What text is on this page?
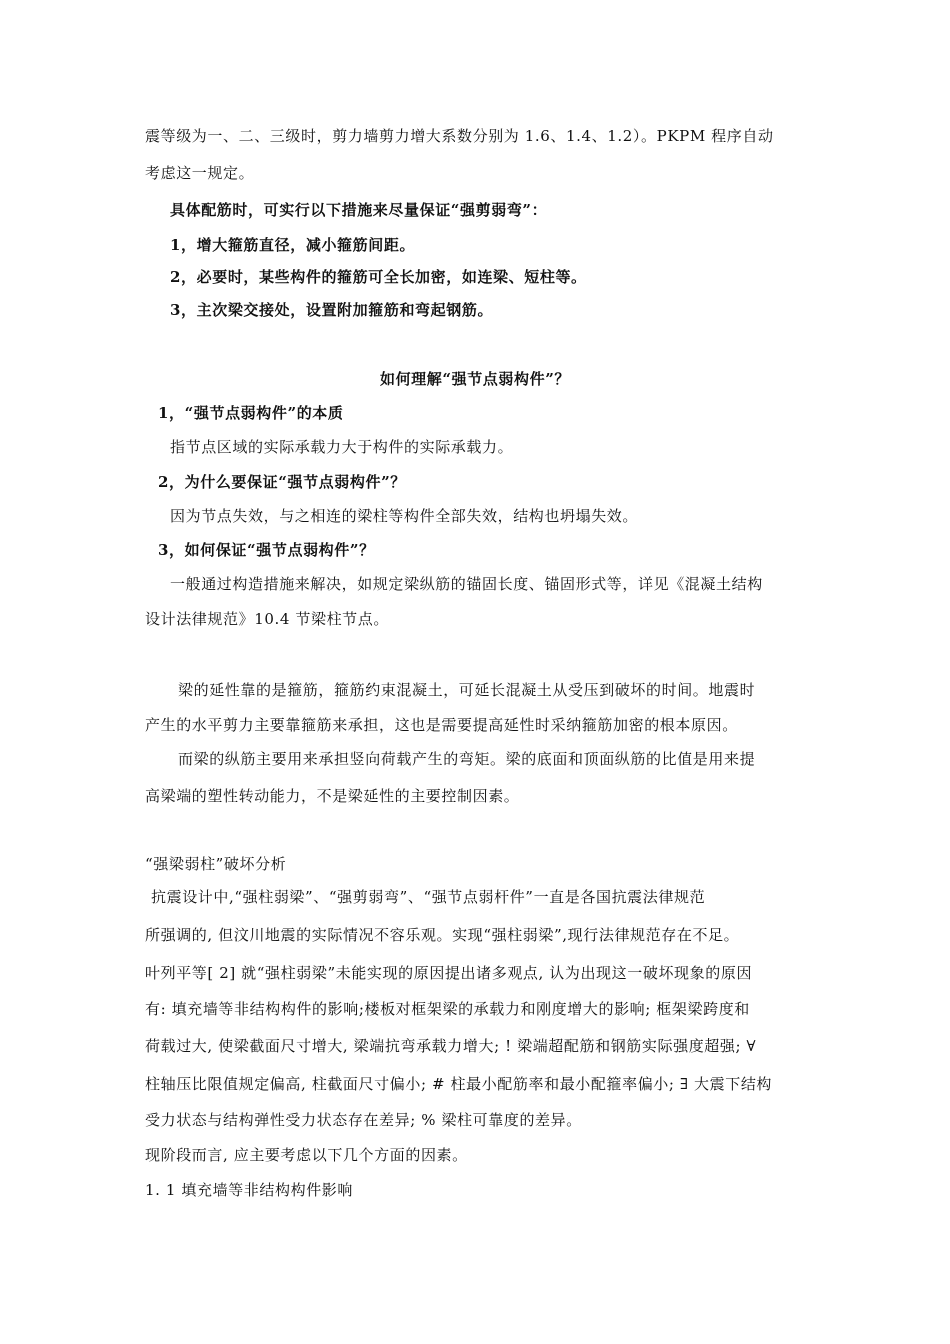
震等级为一、二、三级时，剪力墙剪力增大系数分别为 1.6、1.4、1.2）。PKPM 程序自动
考虑这一规定。
具体配筋时，可实行以下措施来尽量保证“强剪弱弯”：
1，增大箍筋直径，减小箍筋间距。
2，必要时，某些构件的箍筋可全长加密，如连梁、短柱等。
3，主次梁交接处，设置附加箍筋和弯起钢筋。
如何理解“强节点弱构件”？
1，“强节点弱构件”的本质
指节点区域的实际承载力大于构件的实际承载力。
2，为什么要保证“强节点弱构件”？
因为节点失效，与之相连的梁柱等构件全部失效，结构也坍塌失效。
3，如何保证“强节点弱构件”？
一般通过构造措施来解决，如规定梁纵筋的锚固长度、锚固形式等，详见《混凝土结构
设计法律规范》10.4 节梁柱节点。
梁的延性靠的是箍筋，箍筋约束混凝土，可延长混凝土从受压到破坏的时间。地震时
产生的水平剪力主要靠箍筋来承担，这也是需要提高延性时采纳箍筋加密的根本原因。
而梁的纵筋主要用来承担竖向荷载产生的弯矩。梁的底面和顶面纵筋的比值是用来提
高梁端的塑性转动能力，不是梁延性的主要控制因素。
“强梁弱柱”破坏分析
抗震设计中,“强柱弱梁”、“强剪弱弯”、“强节点弱杆件”一直是各国抗震法律规范
所强调的, 但汶川地震的实际情况不容乐观。实现“强柱弱梁”,现行法律规范存在不足。
叶列平等[ 2] 就“强柱弱梁”未能实现的原因提出诸多观点, 认为出现这一破坏现象的原因
有: 填充墙等非结构构件的影响;楼板对框架梁的承载力和刚度增大的影响; 框架梁跨度和
荷载过大, 使梁截面尺寸增大, 梁端抗弯承载力增大; ! 梁端超配筋和钢筋实际强度超强; ∀
柱轴压比限值规定偏高, 柱截面尺寸偏小; # 柱最小配筋率和最小配箍率偏小; ∃ 大震下结构
受力状态与结构弹性受力状态存在差异; % 梁柱可靠度的差异。
现阶段而言, 应主要考虑以下几个方面的因素。
1. 1 填充墙等非结构构件影响
